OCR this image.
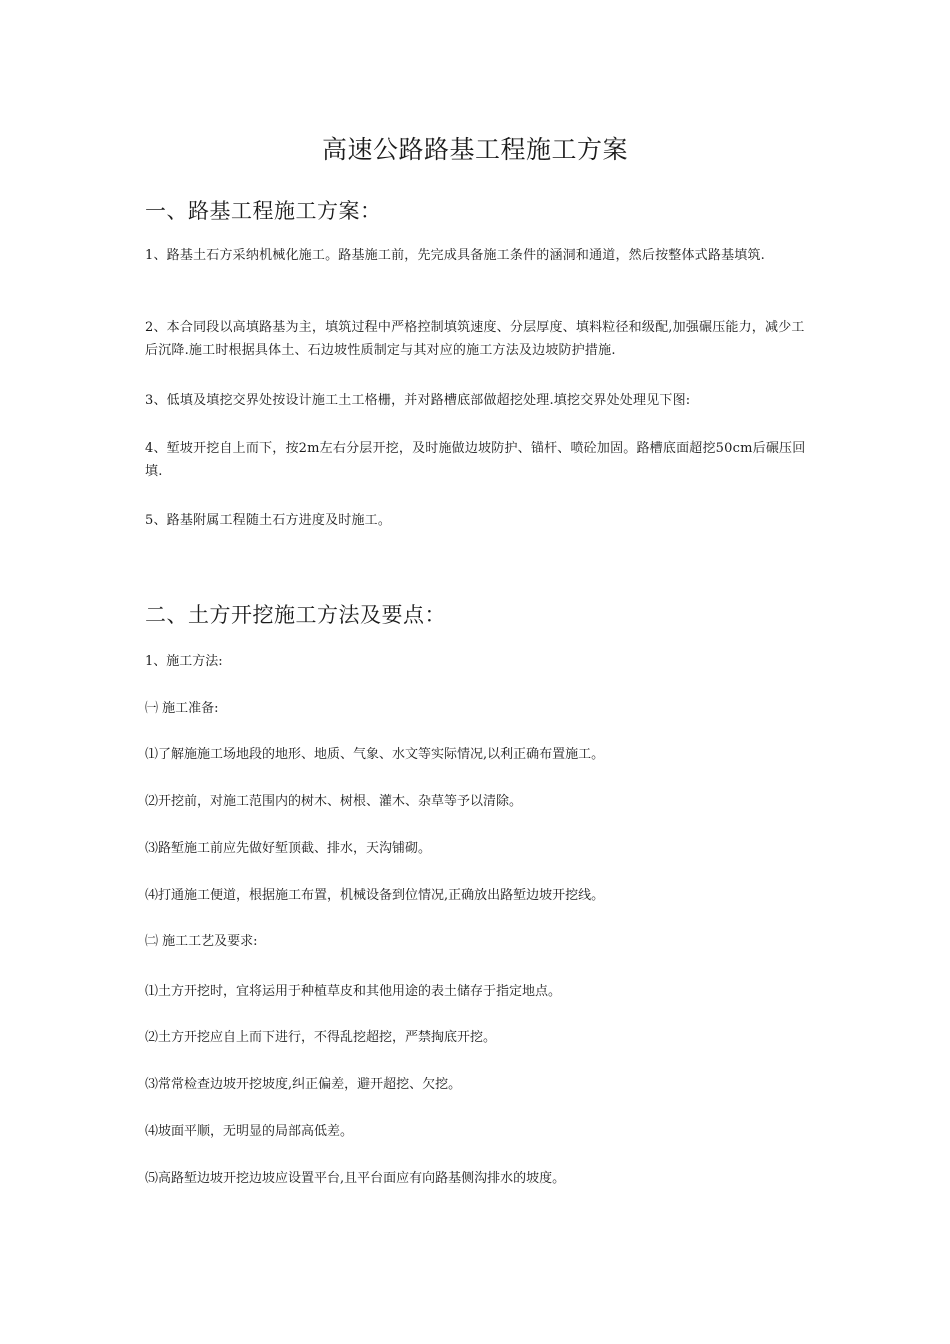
高速公路路基工程施工方案
一、路基工程施工方案：
1、路基土石方采纳机械化施工。路基施工前，先完成具备施工条件的涵洞和通道，然后按整体式路基填筑.
2、本合同段以高填路基为主，填筑过程中严格控制填筑速度、分层厚度、填料粒径和级配,加强碾压能力，减少工后沉降.施工时根据具体土、石边坡性质制定与其对应的施工方法及边坡防护措施.
3、低填及填挖交界处按设计施工土工格栅，并对路槽底部做超挖处理.填挖交界处处理见下图:
4、堑坡开挖自上而下，按2m左右分层开挖，及时施做边坡防护、锚杆、喷砼加固。路槽底面超挖50cm后碾压回填.
5、路基附属工程随土石方进度及时施工。
二、土方开挖施工方法及要点：
1、施工方法:
㈠ 施工准备:
⑴了解施施工场地段的地形、地质、气象、水文等实际情况,以利正确布置施工。
⑵开挖前，对施工范围内的树木、树根、灌木、杂草等予以清除。
⑶路堑施工前应先做好堑顶截、排水，天沟铺砌。
⑷打通施工便道，根据施工布置，机械设备到位情况,正确放出路堑边坡开挖线。
㈡ 施工工艺及要求:
⑴土方开挖时，宜将运用于种植草皮和其他用途的表土储存于指定地点。
⑵土方开挖应自上而下进行，不得乱挖超挖，严禁掏底开挖。
⑶常常检查边坡开挖坡度,纠正偏差，避开超挖、欠挖。
⑷坡面平顺，无明显的局部高低差。
⑸高路堑边坡开挖边坡应设置平台,且平台面应有向路基侧沟排水的坡度。
